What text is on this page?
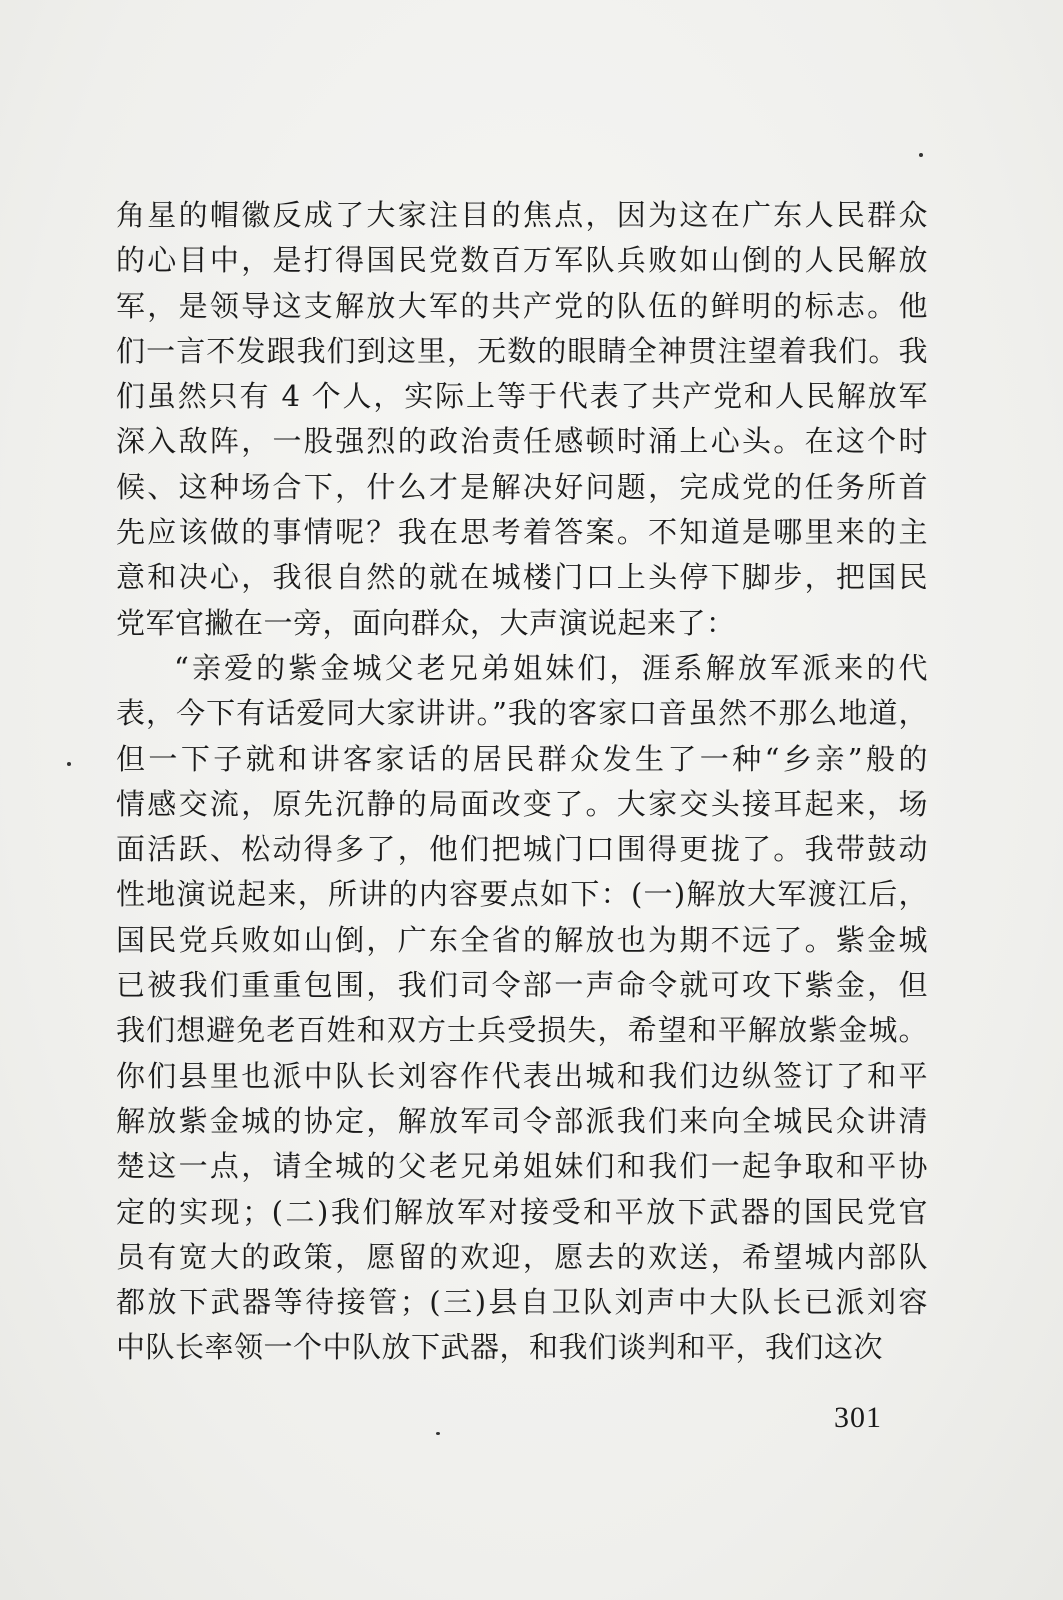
角星的帽徽反成了大家注目的焦点，因为这在广东人民群众
的心目中，是打得国民党数百万军队兵败如山倒的人民解放
军，是领导这支解放大军的共产党的队伍的鲜明的标志。他
们一言不发跟我们到这里，无数的眼睛全神贯注望着我们。我
们虽然只有 4 个人，实际上等于代表了共产党和人民解放军
深入敌阵，一股强烈的政治责任感顿时涌上心头。在这个时
候、这种场合下，什么才是解决好问题，完成党的任务所首
先应该做的事情呢？我在思考着答案。不知道是哪里来的主
意和决心，我很自然的就在城楼门口上头停下脚步，把国民
党军官撇在一旁，面向群众，大声演说起来了：
“亲爱的紫金城父老兄弟姐妹们，涯系解放军派来的代
表，今下有话爱同大家讲讲。”我的客家口音虽然不那么地道，
但一下子就和讲客家话的居民群众发生了一种“乡亲”般的
情感交流，原先沉静的局面改变了。大家交头接耳起来，场
面活跃、松动得多了，他们把城门口围得更拢了。我带鼓动
性地演说起来，所讲的内容要点如下：(一)解放大军渡江后，
国民党兵败如山倒，广东全省的解放也为期不远了。紫金城
已被我们重重包围，我们司令部一声命令就可攻下紫金，但
我们想避免老百姓和双方士兵受损失，希望和平解放紫金城。
你们县里也派中队长刘容作代表出城和我们边纵签订了和平
解放紫金城的协定，解放军司令部派我们来向全城民众讲清
楚这一点，请全城的父老兄弟姐妹们和我们一起争取和平协
定的实现；(二)我们解放军对接受和平放下武器的国民党官
员有宽大的政策，愿留的欢迎，愿去的欢送，希望城内部队
都放下武器等待接管；(三)县自卫队刘声中大队长已派刘容
中队长率领一个中队放下武器，和我们谈判和平，我们这次
301
